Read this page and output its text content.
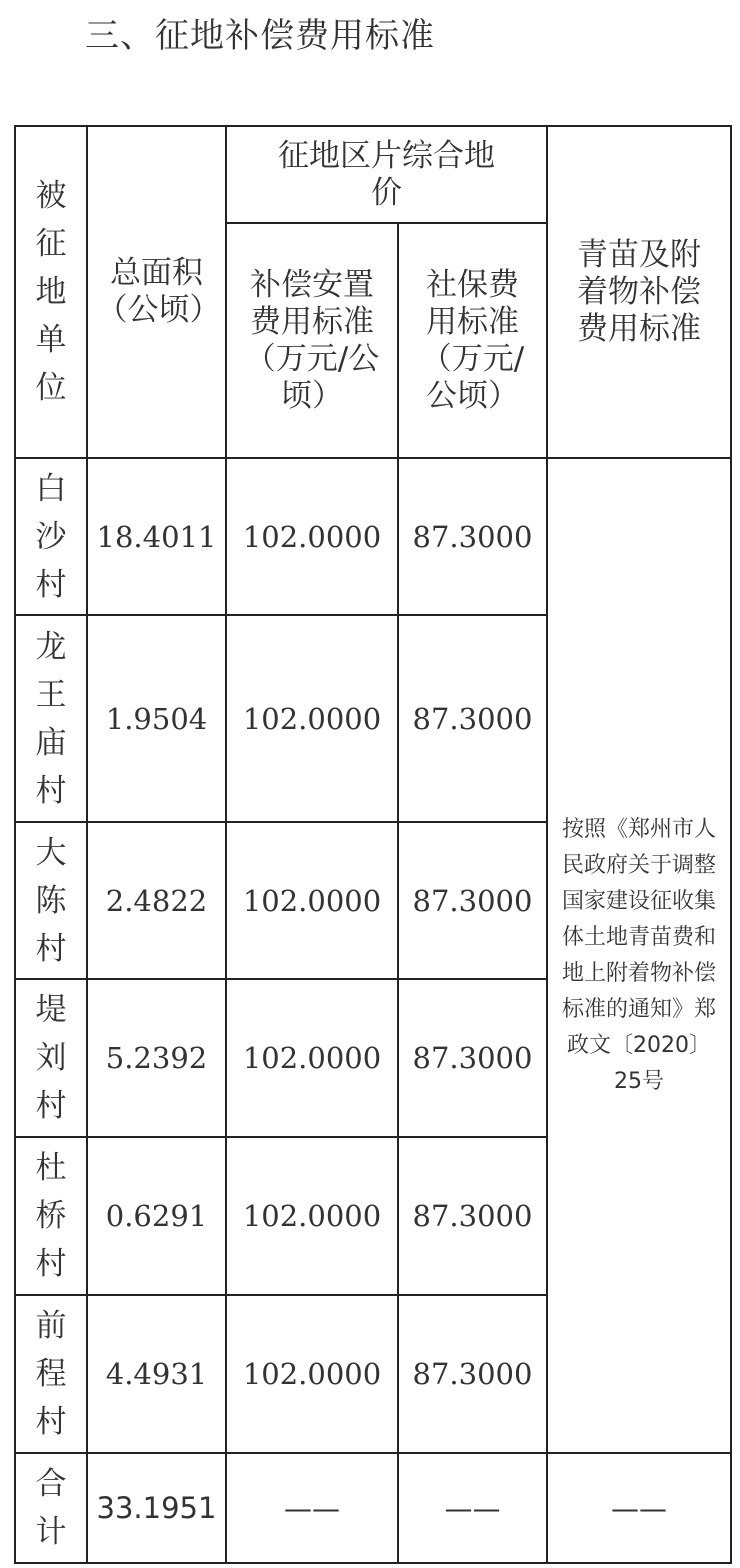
三、征地补偿费用标准
被征地单位	总面积（公顷）	征地区片综合地价		青苗及附着物补偿费用标准

		补偿安置费用标准（万元/公顷）	社保费用标准（万元/公顷）	

白沙村	18.4011	102.0000	87.3000	按照《郑州市人民政府关于调整国家建设征收集体土地青苗费和地上附着物补偿标准的通知》郑政文〔2020〕25号

龙王庙村	1.9504	102.0000	87.3000	

大陈村	2.4822	102.0000	87.3000	

堤刘村	5.2392	102.0000	87.3000	

杜桥村	0.6291	102.0000	87.3000	

前程村	4.4931	102.0000	87.3000	

合计	33.1951	——	——	——
